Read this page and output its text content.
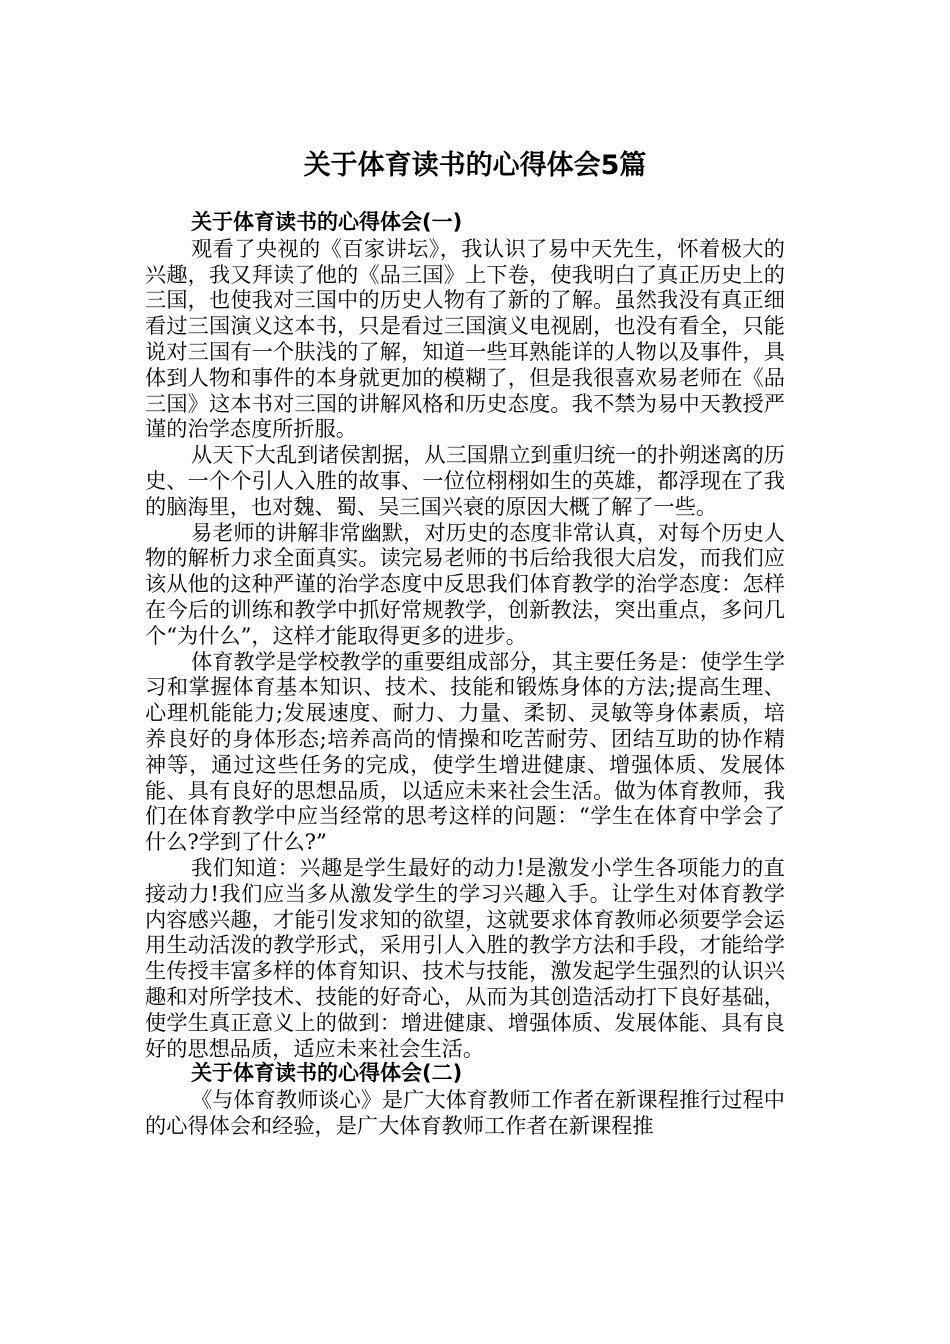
关于体育读书的心得体会5篇
关于体育读书的心得体会(一)

观看了央视的《百家讲坛》，我认识了易中天先生，怀着极大的兴趣，我又拜读了他的《品三国》上下卷，使我明白了真正历史上的三国，也使我对三国中的历史人物有了新的了解。虽然我没有真正细看过三国演义这本书，只是看过三国演义电视剧，也没有看全，只能说对三国有一个肤浅的了解，知道一些耳熟能详的人物以及事件，具体到人物和事件的本身就更加的模糊了，但是我很喜欢易老师在《品三国》这本书对三国的讲解风格和历史态度。我不禁为易中天教授严谨的治学态度所折服。

从天下大乱到诸侯割据，从三国鼎立到重归统一的扑朔迷离的历史、一个个引人入胜的故事、一位位栩栩如生的英雄，都浮现在了我的脑海里，也对魏、蜀、吴三国兴衰的原因大概了解了一些。

易老师的讲解非常幽默，对历史的态度非常认真，对每个历史人物的解析力求全面真实。读完易老师的书后给我很大启发，而我们应该从他的这种严谨的治学态度中反思我们体育教学的治学态度：怎样在今后的训练和教学中抓好常规教学，创新教法，突出重点，多问几个“为什么”，这样才能取得更多的进步。

体育教学是学校教学的重要组成部分，其主要任务是：使学生学习和掌握体育基本知识、技术、技能和锻炼身体的方法;提高生理、心理机能能力;发展速度、耐力、力量、柔韧、灵敏等身体素质，培养良好的身体形态;培养高尚的情操和吃苦耐劳、团结互助的协作精神等，通过这些任务的完成，使学生增进健康、增强体质、发展体能、具有良好的思想品质，以适应未来社会生活。做为体育教师，我们在体育教学中应当经常的思考这样的问题：“学生在体育中学会了什么?学到了什么?”

我们知道：兴趣是学生最好的动力!是激发小学生各项能力的直接动力!我们应当多从激发学生的学习兴趣入手。让学生对体育教学内容感兴趣，才能引发求知的欲望，这就要求体育教师必须要学会运用生动活泼的教学形式，采用引人入胜的教学方法和手段，才能给学生传授丰富多样的体育知识、技术与技能，激发起学生强烈的认识兴趣和对所学技术、技能的好奇心，从而为其创造活动打下良好基础，使学生真正意义上的做到：增进健康、增强体质、发展体能、具有良好的思想品质，适应未来社会生活。

关于体育读书的心得体会(二)

《与体育教师谈心》是广大体育教师工作者在新课程推行过程中的心得体会和经验，是广大体育教师工作者在新课程推
